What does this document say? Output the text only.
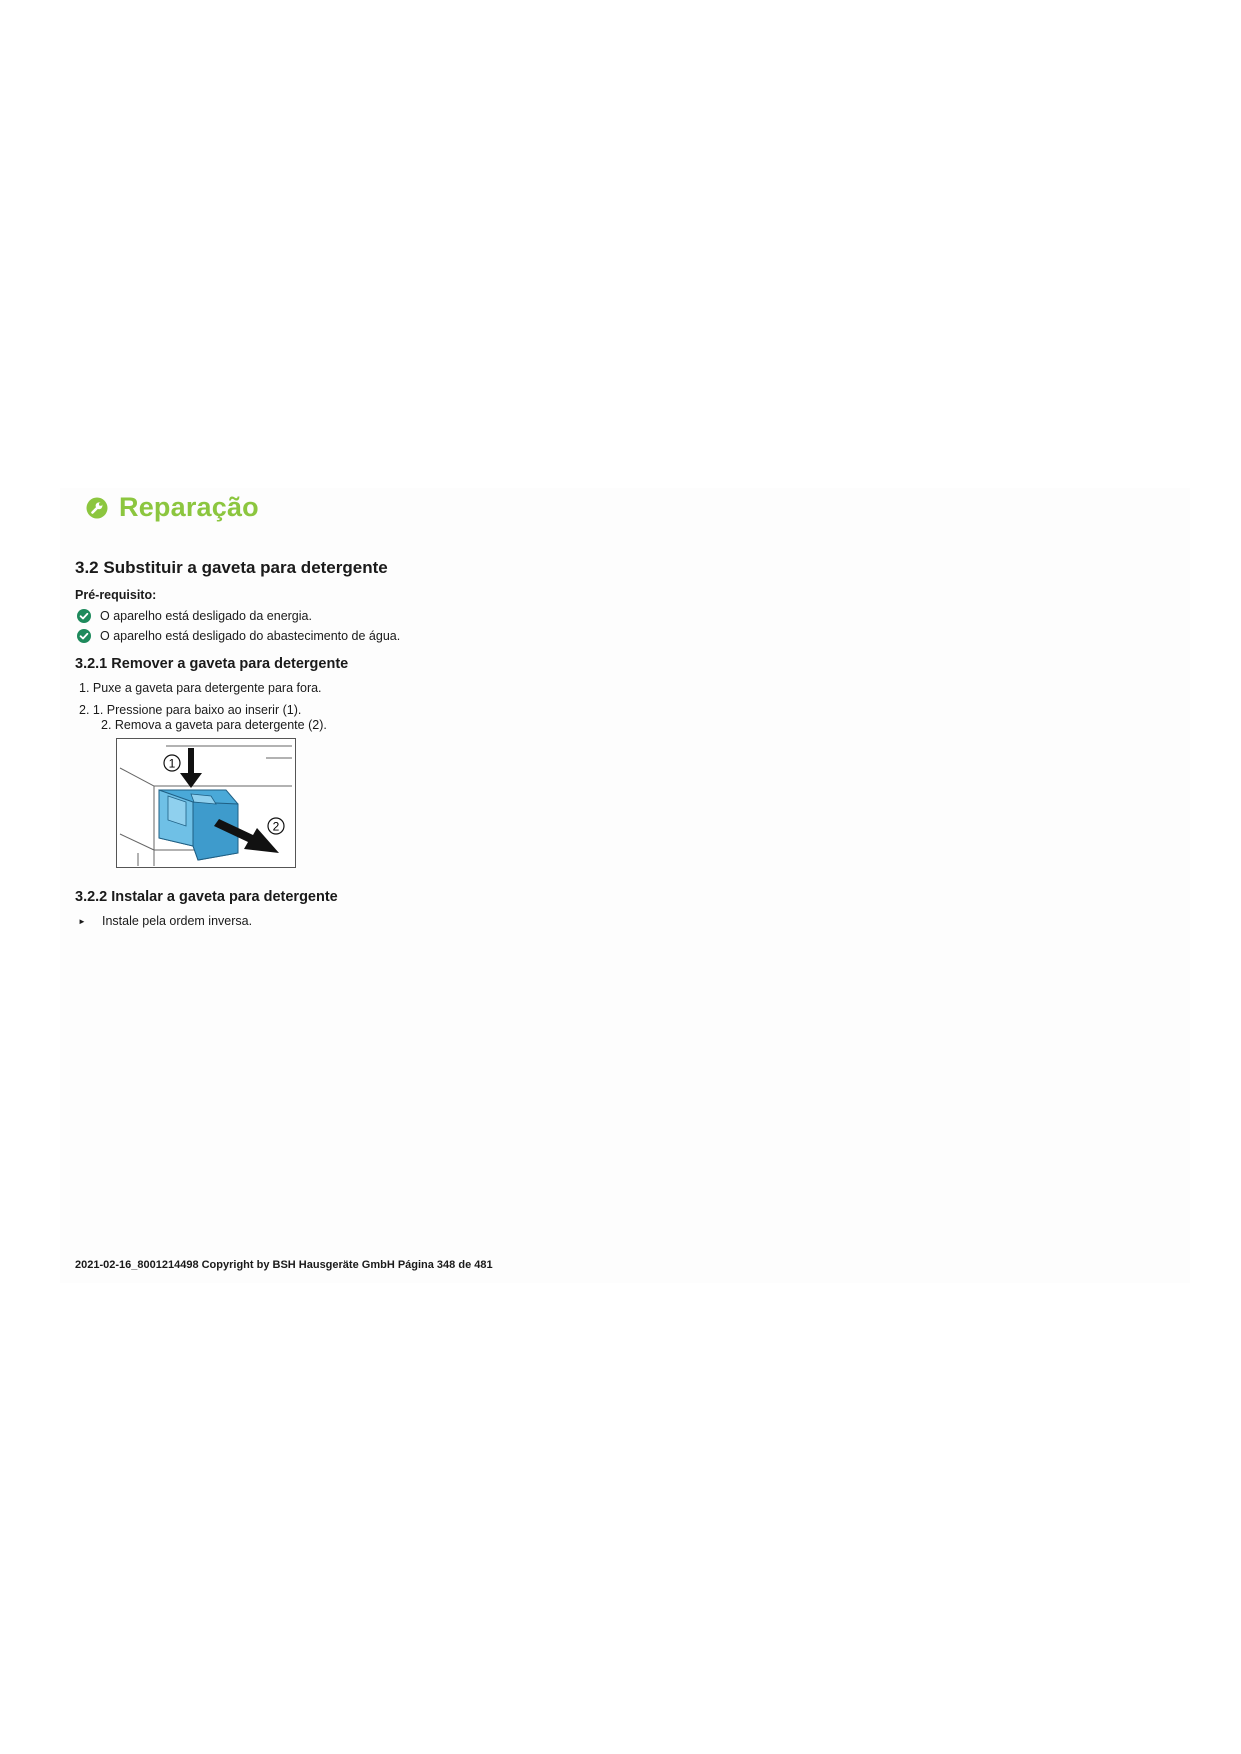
Reparação
3.2 Substituir a gaveta para detergente
Pré-requisito:
O aparelho está desligado da energia.
O aparelho está desligado do abastecimento de água.
3.2.1 Remover a gaveta para detergente
1. Puxe a gaveta para detergente para fora.
2. 1. Pressione para baixo ao inserir (1).
2. Remova a gaveta para detergente (2).
1
2
3.2.2 Instalar a gaveta para detergente
►	Instale pela ordem inversa.
2021-02-16_8001214498 Copyright by BSH Hausgeräte GmbH Página 348 de 481
